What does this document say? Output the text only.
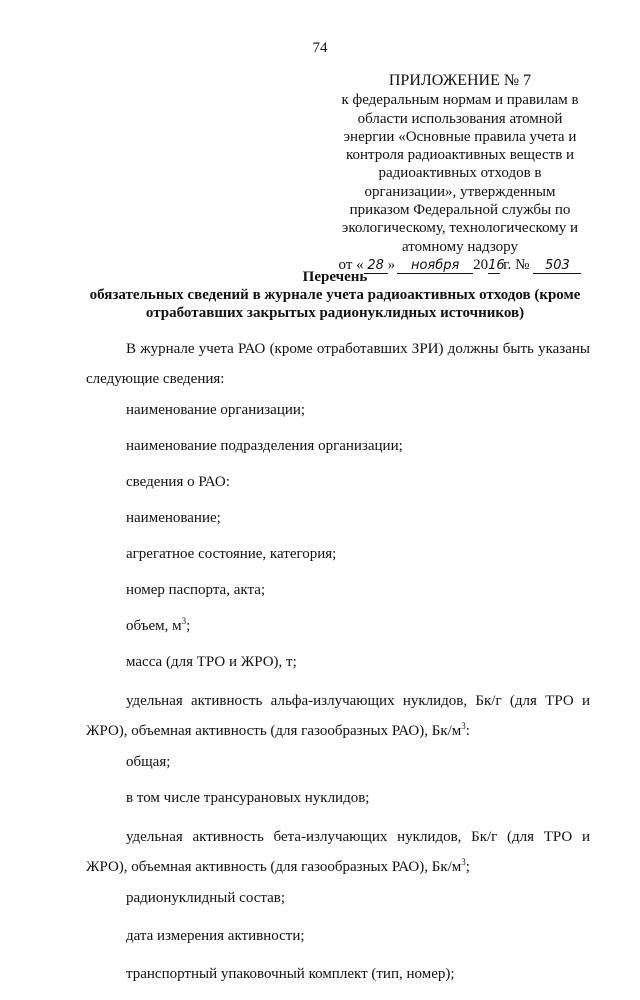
74
ПРИЛОЖЕНИЕ № 7
к федеральным нормам и правилам в
области использования атомной
энергии «Основные правила учета и
контроля радиоактивных веществ и
радиоактивных отходов в
организации», утвержденным
приказом Федеральной службы по
экологическому, технологическому и
атомному надзору
от « 28 »	ноября 20 16
г. №	503
Перечень
обязательных сведений в журнале учета радиоактивных отходов (кроме
отработавших закрытых радионуклидных источников)

В журнале учета РАО (кроме отработавших ЗРИ) должны быть указаны

следующие сведения:

наименование организации;

наименование подразделения организации;

сведения о РАО:

наименование;

агрегатное состояние, категория;

номер паспорта, акта;

объем, $м^3$;

масса (для ТРО и ЖРО), т;

удельная активность альфа-излучающих нуклидов, Бк/г (для ТРО и

ЖРО), объемная активность (для газообразных РАО), $Бк/м^3$:

общая;

в том числе трансурановых нуклидов;

удельная активность бета-излучающих нуклидов, Бк/г (для ТРО и

ЖРО), объемная активность (для газообразных РАО), $Бк/м^3$;

радионуклидный состав;

дата измерения активности;

транспортный упаковочный комплект (тип, номер);
